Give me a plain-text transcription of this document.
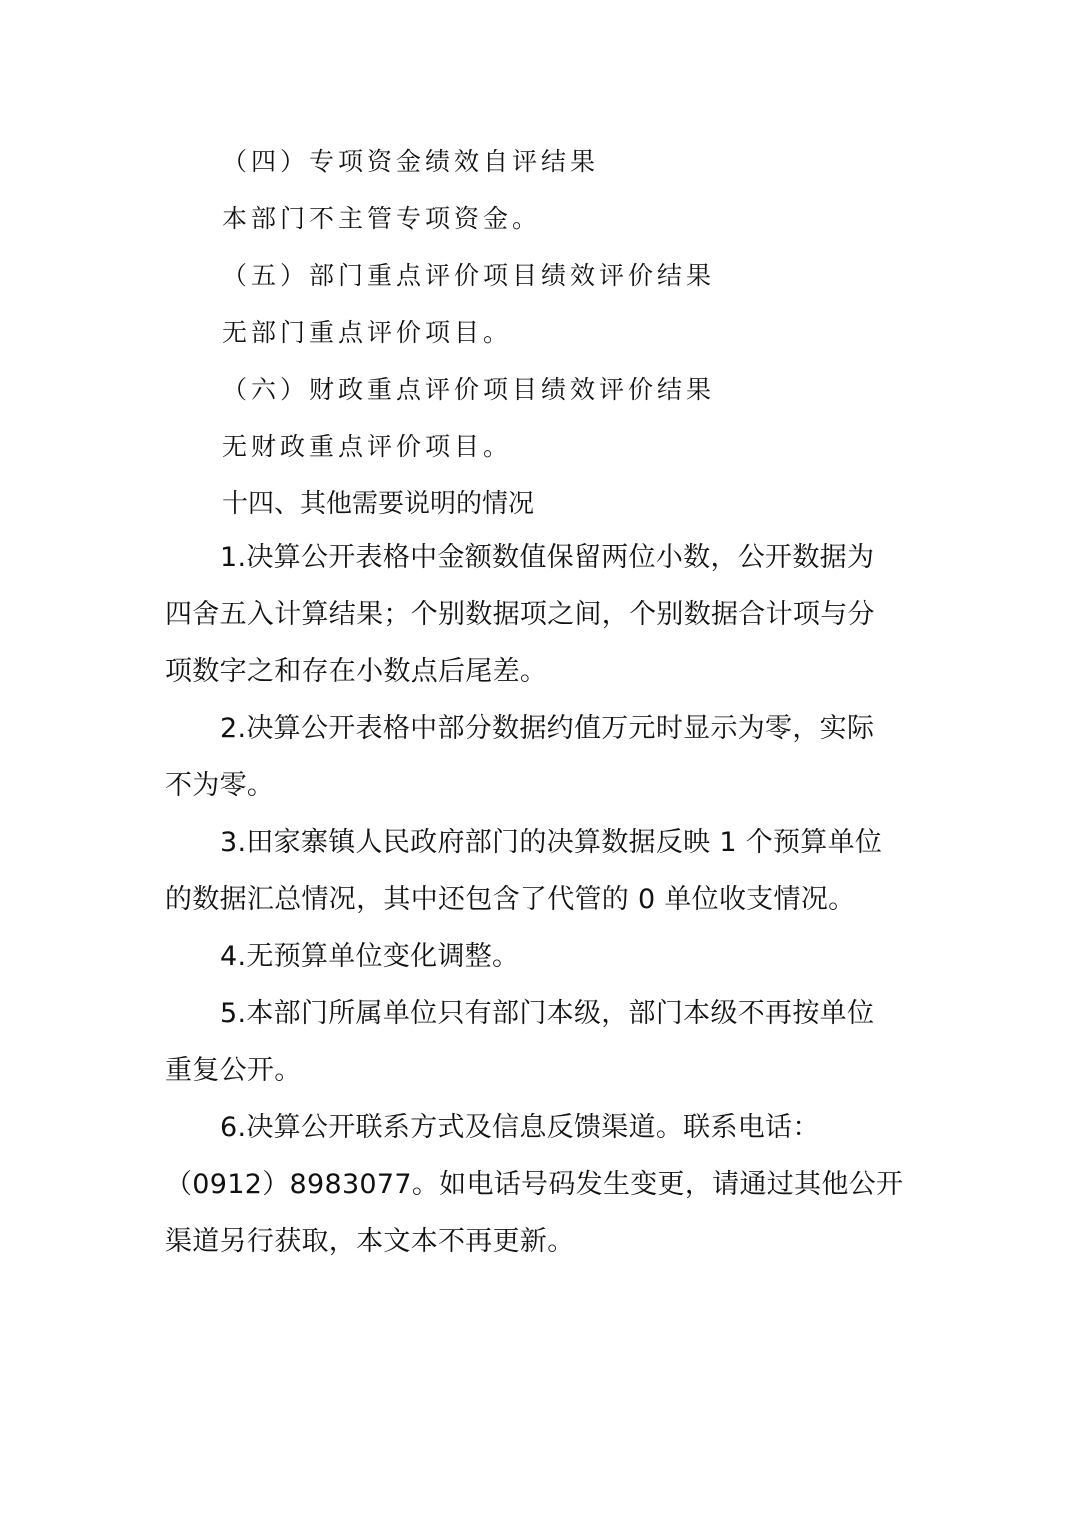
（四）专项资金绩效自评结果

本部门不主管专项资金。

（五）部门重点评价项目绩效评价结果

无部门重点评价项目。

（六）财政重点评价项目绩效评价结果

无财政重点评价项目。

十四、其他需要说明的情况

1.决算公开表格中金额数值保留两位小数，公开数据为

四舍五入计算结果；个别数据项之间，个别数据合计项与分

项数字之和存在小数点后尾差。

2.决算公开表格中部分数据约值万元时显示为零，实际

不为零。

3.田家寨镇人民政府部门的决算数据反映 1 个预算单位

的数据汇总情况，其中还包含了代管的 0 单位收支情况。

4.无预算单位变化调整。

5.本部门所属单位只有部门本级，部门本级不再按单位

重复公开。

6.决算公开联系方式及信息反馈渠道。联系电话：

（0912）8983077。如电话号码发生变更，请通过其他公开

渠道另行获取，本文本不再更新。
